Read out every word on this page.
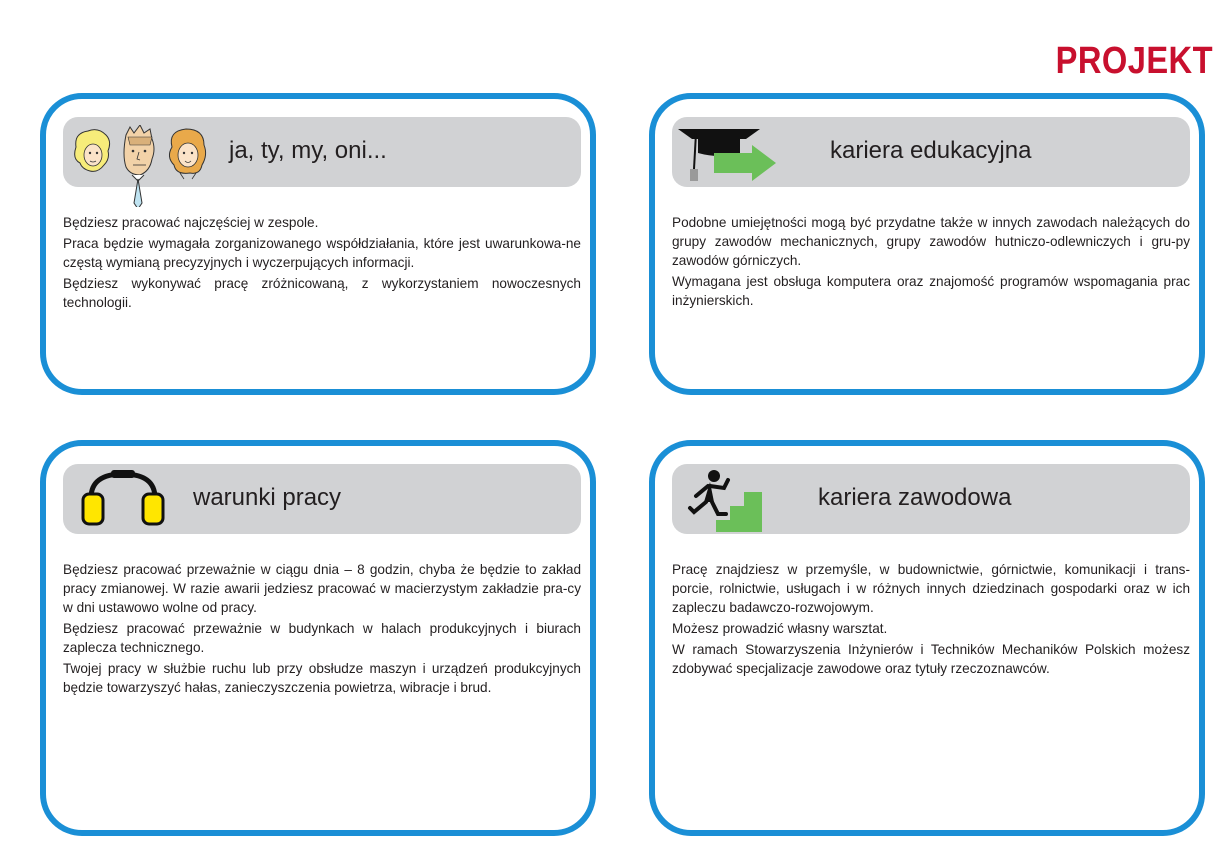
PROJEKT
ja, ty, my, oni...

Będziesz pracować najczęściej w zespole.

Praca będzie wymagała zorganizowanego współdziałania, które jest uwarunkowa-ne częstą wymianą precyzyjnych i wyczerpujących informacji.

Będziesz wykonywać pracę zróżnicowaną, z wykorzystaniem nowoczesnych technologii.

kariera edukacyjna

Podobne umiejętności mogą być przydatne także w innych zawodach należących do grupy zawodów mechanicznych, grupy zawodów hutniczo-odlewniczych i gru-py zawodów górniczych.

Wymagana jest obsługa komputera oraz znajomość programów wspomagania prac inżynierskich.

warunki pracy

Będziesz pracować przeważnie w ciągu dnia – 8 godzin, chyba że będzie to zakład pracy zmianowej. W razie awarii jedziesz pracować w macierzystym zakładzie pra-cy w dni ustawowo wolne od pracy.

Będziesz pracować przeważnie w budynkach w halach produkcyjnych i biurach zaplecza technicznego.

Twojej pracy w służbie ruchu lub przy obsłudze maszyn i urządzeń produkcyjnych będzie towarzyszyć hałas, zanieczyszczenia powietrza, wibracje i brud.

kariera zawodowa

Pracę znajdziesz w przemyśle, w budownictwie, górnictwie, komunikacji i trans-porcie, rolnictwie, usługach i w różnych innych dziedzinach gospodarki oraz w ich zapleczu badawczo-rozwojowym.

Możesz prowadzić własny warsztat.

W ramach Stowarzyszenia Inżynierów i Techników Mechaników Polskich możesz zdobywać specjalizacje zawodowe oraz tytuły rzeczoznawców.
